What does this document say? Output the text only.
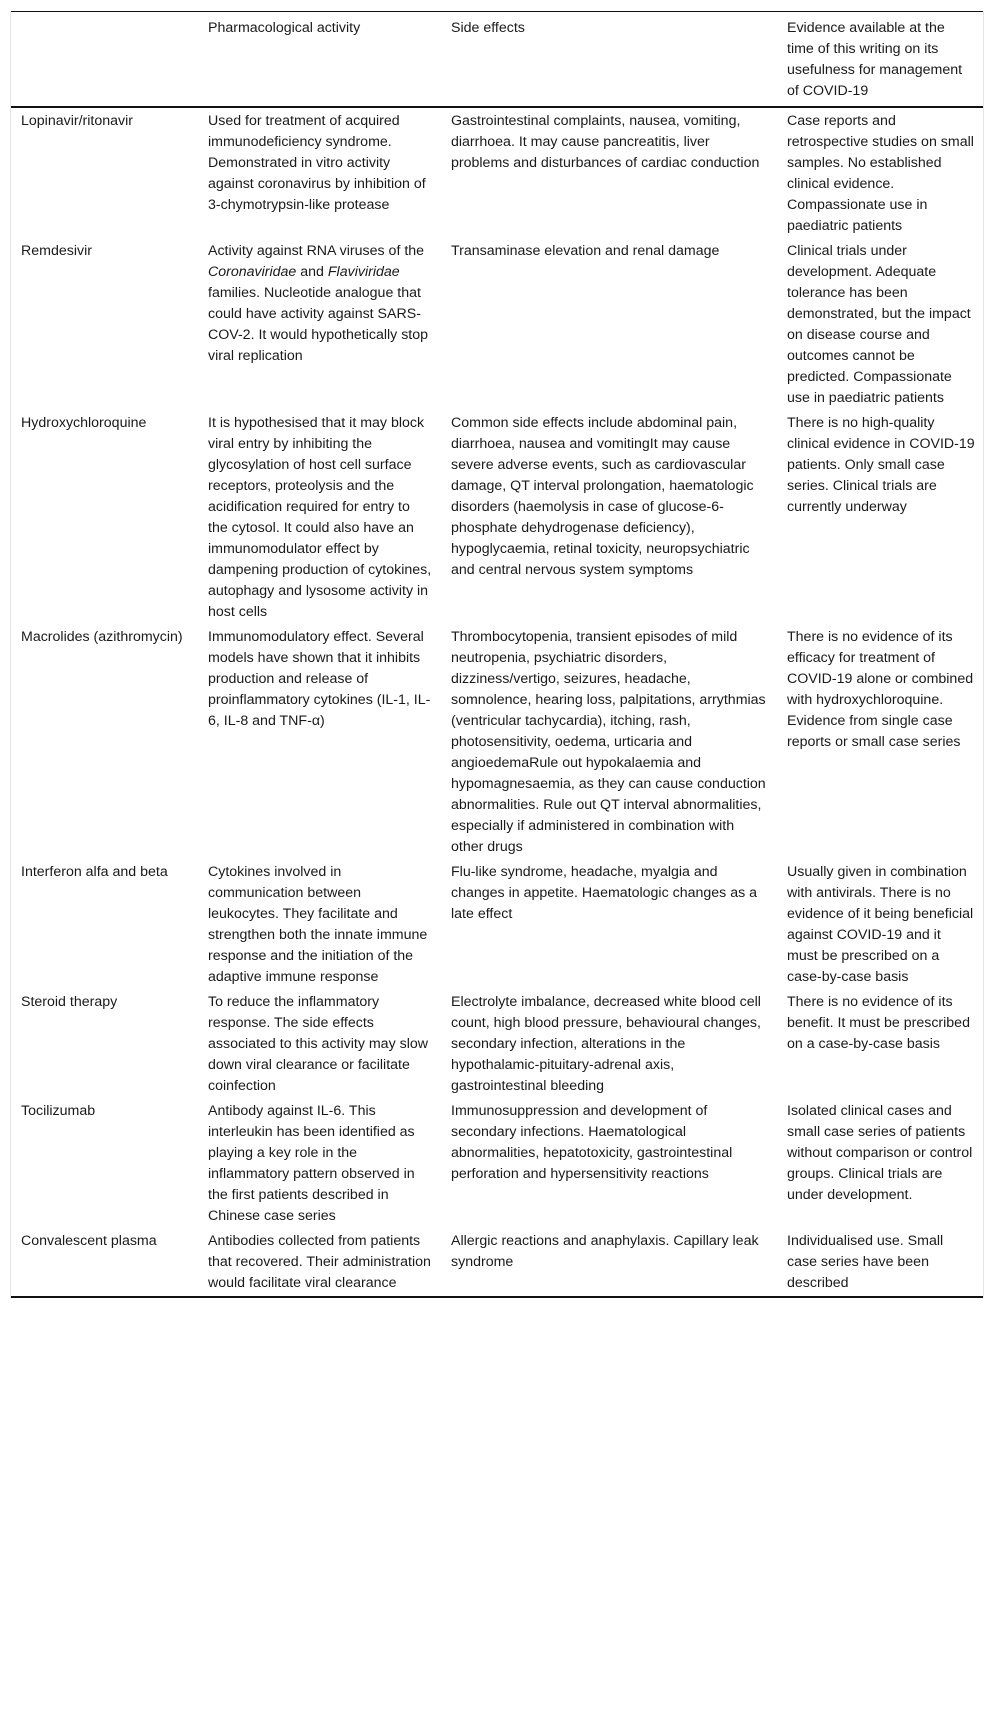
	Pharmacological activity	Side effects	Evidence available at the time of this writing on its usefulness for management of COVID-19
Lopinavir/ritonavir	Used for treatment of acquired immunodeficiency syndrome. Demonstrated in vitro activity against coronavirus by inhibition of 3-chymotrypsin-like protease	Gastrointestinal complaints, nausea, vomiting, diarrhoea. It may cause pancreatitis, liver problems and disturbances of cardiac conduction	Case reports and retrospective studies on small samples. No established clinical evidence. Compassionate use in paediatric patients
Remdesivir	Activity against RNA viruses of the Coronaviridae and Flaviviridae families. Nucleotide analogue that could have activity against SARS-COV-2. It would hypothetically stop viral replication	Transaminase elevation and renal damage	Clinical trials under development. Adequate tolerance has been demonstrated, but the impact on disease course and outcomes cannot be predicted. Compassionate use in paediatric patients
Hydroxychloroquine	It is hypothesised that it may block viral entry by inhibiting the glycosylation of host cell surface receptors, proteolysis and the acidification required for entry to the cytosol. It could also have an immunomodulator effect by dampening production of cytokines, autophagy and lysosome activity in host cells	Common side effects include abdominal pain, diarrhoea, nausea and vomitingIt may cause severe adverse events, such as cardiovascular damage, QT interval prolongation, haematologic disorders (haemolysis in case of glucose-6-phosphate dehydrogenase deficiency), hypoglycaemia, retinal toxicity, neuropsychiatric and central nervous system symptoms	There is no high-quality clinical evidence in COVID-19 patients. Only small case series. Clinical trials are currently underway
Macrolides (azithromycin)	Immunomodulatory effect. Several models have shown that it inhibits production and release of proinflammatory cytokines (IL-1, IL-6, IL-8 and TNF-α)	Thrombocytopenia, transient episodes of mild neutropenia, psychiatric disorders, dizziness/vertigo, seizures, headache, somnolence, hearing loss, palpitations, arrythmias (ventricular tachycardia), itching, rash, photosensitivity, oedema, urticaria and angioedemaRule out hypokalaemia and hypomagnesaemia, as they can cause conduction abnormalities. Rule out QT interval abnormalities, especially if administered in combination with other drugs	There is no evidence of its efficacy for treatment of COVID-19 alone or combined with hydroxychloroquine. Evidence from single case reports or small case series
Interferon alfa and beta	Cytokines involved in communication between leukocytes. They facilitate and strengthen both the innate immune response and the initiation of the adaptive immune response	Flu-like syndrome, headache, myalgia and changes in appetite. Haematologic changes as a late effect	Usually given in combination with antivirals. There is no evidence of it being beneficial against COVID-19 and it must be prescribed on a case-by-case basis
Steroid therapy	To reduce the inflammatory response. The side effects associated to this activity may slow down viral clearance or facilitate coinfection	Electrolyte imbalance, decreased white blood cell count, high blood pressure, behavioural changes, secondary infection, alterations in the hypothalamic-pituitary-adrenal axis, gastrointestinal bleeding	There is no evidence of its benefit. It must be prescribed on a case-by-case basis
Tocilizumab	Antibody against IL-6. This interleukin has been identified as playing a key role in the inflammatory pattern observed in the first patients described in Chinese case series	Immunosuppression and development of secondary infections. Haematological abnormalities, hepatotoxicity, gastrointestinal perforation and hypersensitivity reactions	Isolated clinical cases and small case series of patients without comparison or control groups. Clinical trials are under development.
Convalescent plasma	Antibodies collected from patients that recovered. Their administration would facilitate viral clearance	Allergic reactions and anaphylaxis. Capillary leak syndrome	Individualised use. Small case series have been described
